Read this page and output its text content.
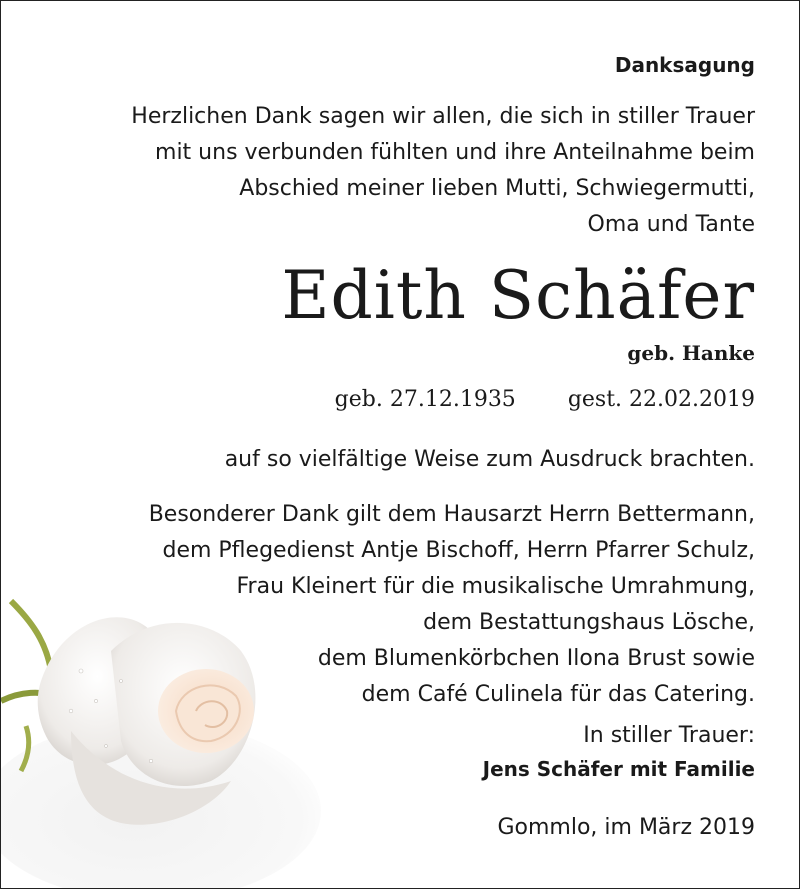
Danksagung
Herzlichen Dank sagen wir allen, die sich in stiller Trauer
mit uns verbunden fühlten und ihre Anteilnahme beim
Abschied meiner lieben Mutti, Schwiegermutti,
Oma und Tante
Edith Schäfer
geb. Hanke
geb. 27.12.1935 gest. 22.02.2019
auf so vielfältige Weise zum Ausdruck brachten.
Besonderer Dank gilt dem Hausarzt Herrn Bettermann,
dem Pflegedienst Antje Bischoff, Herrn Pfarrer Schulz,
Frau Kleinert für die musikalische Umrahmung,
dem Bestattungshaus Lösche,
dem Blumenkörbchen Ilona Brust sowie
dem Café Culinela für das Catering.
In stiller Trauer:
Jens Schäfer mit Familie
Gommlo, im März 2019
